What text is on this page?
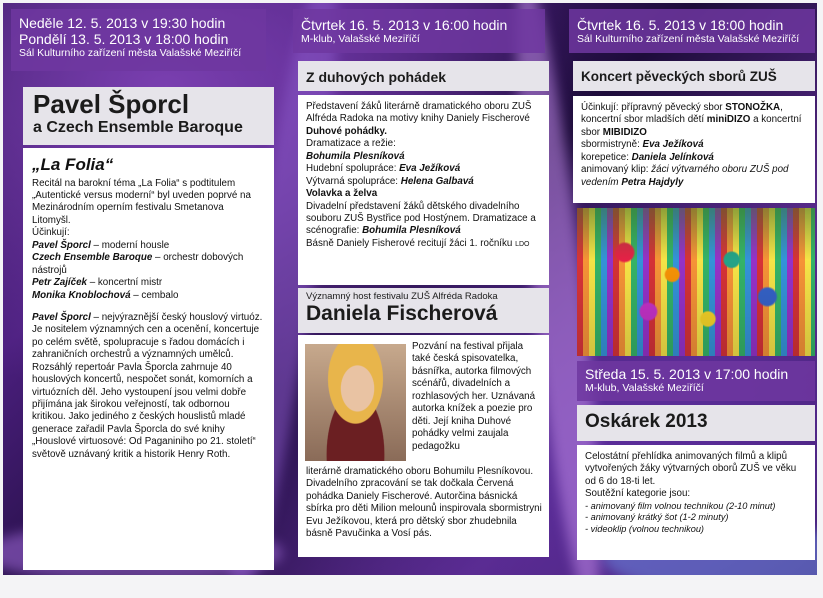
Neděle 12. 5. 2013 v 19:30 hodin
Pondělí 13. 5. 2013 v 18:00 hodin
Sál Kulturního zařízení města Valašské Meziříčí
Pavel Šporcl
a Czech Ensemble Baroque
„La Folia“

Recitál na barokní téma „La Folia“ s podtitulem „Autentické versus moderní“ byl uveden poprvé na Mezinárodním operním festivalu Smetanova Litomyšl.

Účinkují:

Pavel Šporcl – moderní housle

Czech Ensemble Baroque – orchestr dobových nástrojů

Petr Zajíček – koncertní mistr

Monika Knoblochová – cembalo

Pavel Šporcl – nejvýraznější český houslový virtuóz. Je nositelem významných cen a ocenění, koncertuje po celém světě, spolupracuje s řadou domácích i zahraničních orchestrů a významných umělců. Rozsáhlý repertoár Pavla Šporcla zahrnuje 40 houslových koncertů, nespočet sonát, komorních a virtuózních děl. Jeho vystoupení jsou velmi dobře přijímána jak širokou veřejností, tak odbornou kritikou. Jako jediného z českých houslistů mladé generace zařadil Pavla Šporcla do své knihy „Houslové virtuosové: Od Paganiniho po 21. století“ světově uznávaný kritik a historik Henry Roth.

Čtvrtek 16. 5. 2013 v 16:00 hodin
M-klub, Valašské Meziříčí
Z duhových pohádek

Představení žáků literárně dramatického oboru ZUŠ Alfréda Radoka na motivy knihy Daniely Fischerové

Duhové pohádky.

Dramatizace a režie:

Bohumila Plesníková

Hudební spolupráce: Eva Ježíková

Výtvarná spolupráce: Helena Galbavá

Volavka a želva

Divadelní představení žáků dětského divadelního souboru ZUŠ Bystřice pod Hostýnem. Dramatizace a scénografie: Bohumila Plesníková

Básně Daniely Fisherové recitují žáci 1. ročníku LDO

Významný host festivalu ZUŠ Alfréda Radoka
Daniela Fischerová

Pozvání na festival přijala také česká spisovatelka, básnířka, autorka filmových scénářů, divadelních a rozhlasových her. Uznávaná autorka knížek a poezie pro děti. Její kniha Duhové pohádky velmi zaujala pedagožku

literárně dramatického oboru Bohumilu Plesníkovou. Divadelního zpracování se tak dočkala Červená pohádka Daniely Fischerové. Autorčina básnická sbírka pro děti Milion melounů inspirovala sbormistryni Evu Ježíkovou, která pro dětský sbor zhudebnila básně Pavučinka a Vosí pás.

Čtvrtek 16. 5. 2013 v 18:00 hodin
Sál Kulturního zařízení města Valašské Meziříčí
Koncert pěveckých sborů ZUŠ

Účinkují: přípravný pěvecký sbor STONOŽKA, koncertní sbor mladších dětí miniDIZO a koncertní sbor MIBIDIZO

sbormistryně: Eva Ježíková

korepetice: Daniela Jelínková

animovaný klip: žáci výtvarného oboru ZUŠ pod vedením Petra Hajdyly

Středa 15. 5. 2013 v 17:00 hodin
M-klub, Valašské Meziříčí
Oskárek 2013

Celostátní přehlídka animovaných filmů a klipů vytvořených žáky výtvarných oborů ZUŠ ve věku od 6 do 18-ti let.

Soutěžní kategorie jsou:

- animovaný film volnou technikou (2-10 minut)

- animovaný krátký šot (1-2 minuty)

- videoklip (volnou technikou)
